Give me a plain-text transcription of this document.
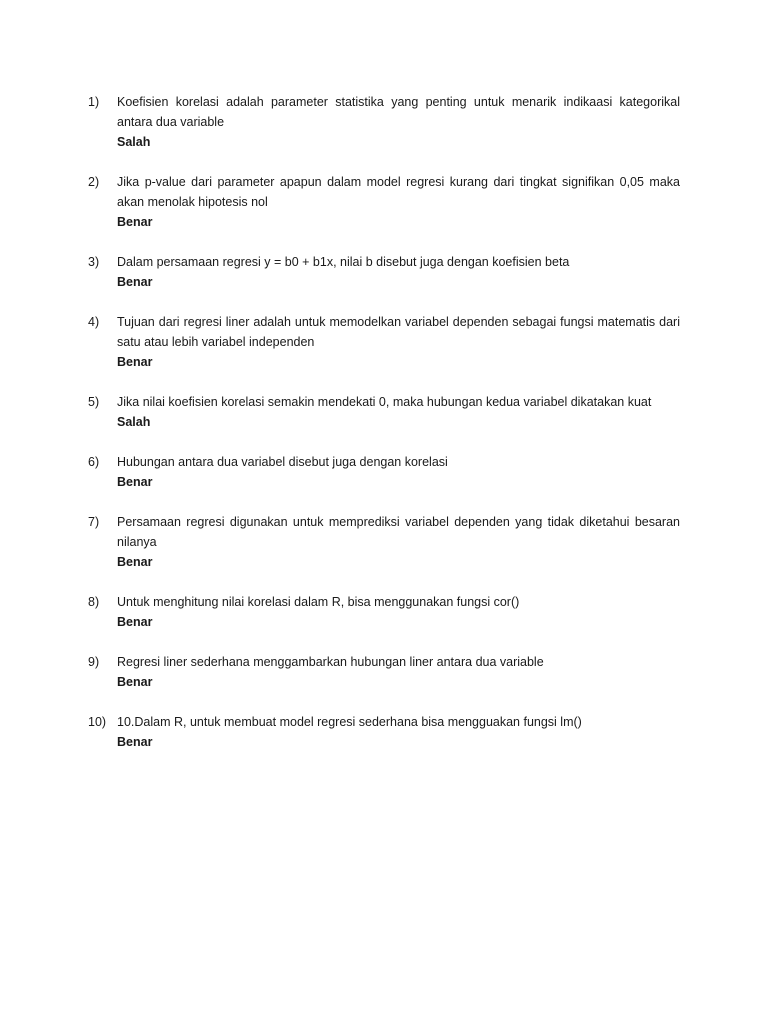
1)	Koefisien korelasi adalah parameter statistika yang penting untuk menarik indikaasi kategorikal antara dua variable
Salah
2)	Jika p-value dari parameter apapun dalam model regresi kurang dari tingkat signifikan 0,05 maka akan menolak hipotesis nol
Benar
3)	Dalam persamaan regresi y = b0 + b1x, nilai b disebut juga dengan koefisien beta
Benar
4)	Tujuan dari regresi liner adalah untuk memodelkan variabel dependen sebagai fungsi matematis dari satu atau lebih variabel independen
Benar
5)	Jika nilai koefisien korelasi semakin mendekati 0, maka hubungan kedua variabel dikatakan kuat
Salah
6)	Hubungan antara dua variabel disebut juga dengan korelasi
Benar
7)	Persamaan regresi digunakan untuk memprediksi variabel dependen yang tidak diketahui besaran nilanya
Benar
8)	Untuk menghitung nilai korelasi dalam R, bisa menggunakan fungsi cor()
Benar
9)	Regresi liner sederhana menggambarkan hubungan liner antara dua variable
Benar
10) 10.Dalam R, untuk membuat model regresi sederhana bisa mengguakan fungsi lm()
Benar
